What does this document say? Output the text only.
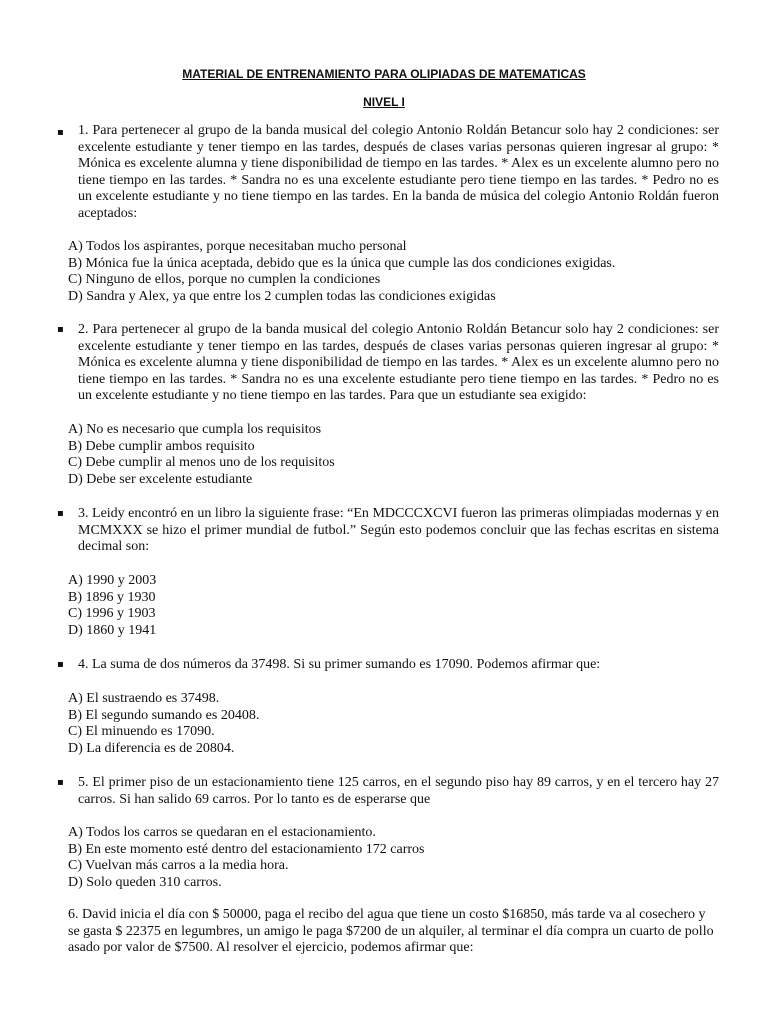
MATERIAL DE ENTRENAMIENTO PARA OLIPIADAS DE MATEMATICAS
NIVEL I
▪ 1. Para pertenecer al grupo de la banda musical del colegio Antonio Roldán Betancur solo hay 2 condiciones: ser excelente estudiante y tener tiempo en las tardes, después de clases varias personas quieren ingresar al grupo: * Mónica es excelente alumna y tiene disponibilidad de tiempo en las tardes. * Alex es un excelente alumno pero no tiene tiempo en las tardes. * Sandra no es una excelente estudiante pero tiene tiempo en las tardes. * Pedro no es un excelente estudiante y no tiene tiempo en las tardes. En la banda de música del colegio Antonio Roldán fueron aceptados:
A) Todos los aspirantes, porque necesitaban mucho personal
B) Mónica fue la única aceptada, debido que es la única que cumple las dos condiciones exigidas.
C) Ninguno de ellos, porque no cumplen la condiciones
D) Sandra y Alex, ya que entre los 2 cumplen todas las condiciones exigidas
▪ 2. Para pertenecer al grupo de la banda musical del colegio Antonio Roldán Betancur solo hay 2 condiciones: ser excelente estudiante y tener tiempo en las tardes, después de clases varias personas quieren ingresar al grupo: * Mónica es excelente alumna y tiene disponibilidad de tiempo en las tardes. * Alex es un excelente alumno pero no tiene tiempo en las tardes. * Sandra no es una excelente estudiante pero tiene tiempo en las tardes. * Pedro no es un excelente estudiante y no tiene tiempo en las tardes. Para que un estudiante sea exigido:
A) No es necesario que cumpla los requisitos
B) Debe cumplir ambos requisito
C) Debe cumplir al menos uno de los requisitos
D) Debe ser excelente estudiante
▪ 3. Leidy encontró en un libro la siguiente frase: “En MDCCCXCVI fueron las primeras olimpiadas modernas y en MCMXXX se hizo el primer mundial de futbol.” Según esto podemos concluir que las fechas escritas en sistema decimal son:
A) 1990 y 2003
B) 1896 y 1930
C) 1996 y 1903
D) 1860 y 1941
▪ 4. La suma de dos números da 37498. Si su primer sumando es 17090. Podemos afirmar que:
A) El sustraendo es 37498.
B) El segundo sumando es 20408.
C) El minuendo es 17090.
D) La diferencia es de 20804.
▪ 5. El primer piso de un estacionamiento tiene 125 carros, en el segundo piso hay 89 carros, y en el tercero hay 27 carros. Si han salido 69 carros. Por lo tanto es de esperarse que
A) Todos los carros se quedaran en el estacionamiento.
B) En este momento esté dentro del estacionamiento 172 carros
C) Vuelvan más carros a la media hora.
D) Solo queden 310 carros.
6. David inicia el día con $ 50000, paga el recibo del agua que tiene un costo $16850, más tarde va al cosechero y se gasta $ 22375 en legumbres, un amigo le paga $7200 de un alquiler, al terminar el día compra un cuarto de pollo asado por valor de $7500. Al resolver el ejercicio, podemos afirmar que:
